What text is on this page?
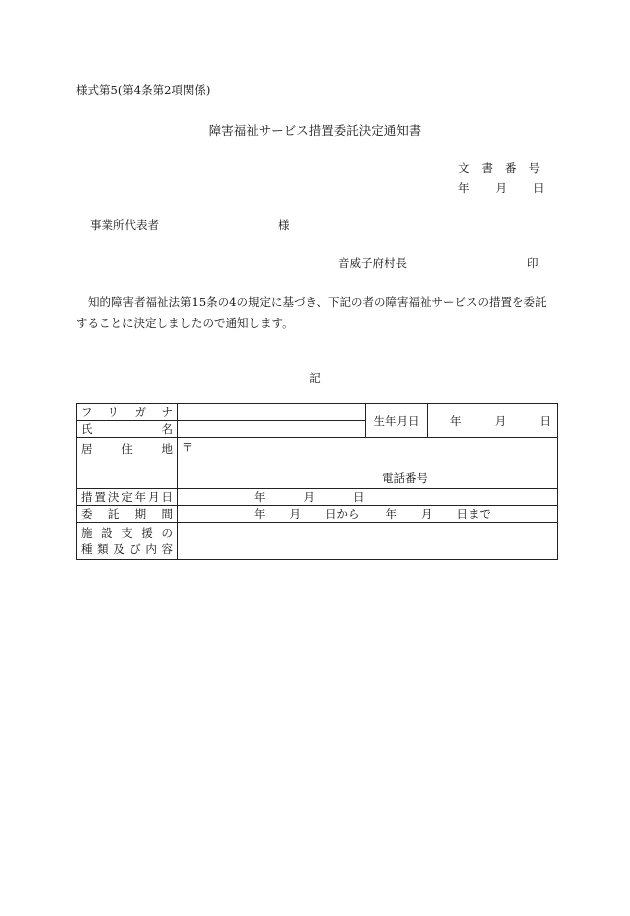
様式第5(第4条第2項関係)
障害福祉サービス措置委託決定通知書
文書番号
年 月 日
事業所代表者	様
音威子府村長	印
知的障害者福祉法第15条の4の規定に基づき、下記の者の障害福祉サービスの措置を委託することに決定しましたので通知します。
記
フリガナ		生年月日	年 月 日

氏名			
居住地	〒
電話番号		

措置決定年月日	年 月 日		
委託期間	年 月 日から 年 月 日まで		

施設支援の
種類及び内容			
